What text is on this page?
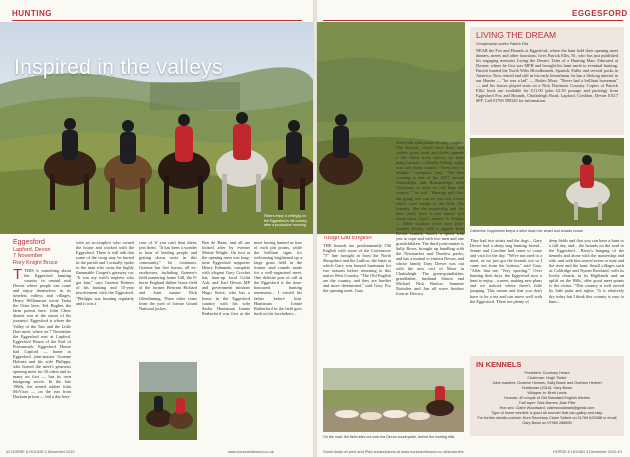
HUNTING
Inspired in the valleys
Riders enjoy a whirlyjig on the Eggesford's hill country after a productive morning
Eggesford
Lapford, Devon
7 November
Rory Knight Bruce
TTHIS is something about the Eggesford hunting country in central mid Devon where people can come and enjoy themselves in its timeless valleys and villages. Henry Williamson wrote Tarka the Otter here, Ted Hughes the farm poems here. John Chew dianist was at the outset of his journeys. Eggesford is where the Valley of the Taw and the Little Dart meet, where on 7 November the Eggesford met at Lapford. Eggesford House of the Earl of Portsmouth. Eggesford House had Lapford — home to Eggesford joint-master Graeme Holmes and his wife Philippa, who hosted the meet's generous opening meet for 30 riders and as many on foot — has its own intriguing secret. In the late 1960s, the armed robber John McVicar — on the run from Durham prison — hid a day here
with an accomplice who owned the house and worked with the Eggesford. There is still talk that some of the swag may be buried in the parish and I actually spoke to the man who owns the highly flammable Cooper's getaway car. "It was my wife's nephew who got him," says Graeme Holmes of his hunting and 15-year involvement with the Eggesford. "Philippa was hunting regularly and it was a
case of 'if you can't beat them, join them'. "It has been a wonder to hear of leading people and getting down roots in this community," he continues. Graeme has five horses, all ex-racehorses, including Graeme's field mastering home Gill, the 8-horse England thither horse field of the former Bertram Richard and Joint master Nick Glendinning. Three other come from the yard of former Grand National jockey
Ben de Haan, and all are looked after by eventer Maisie Wright. On foot at the opening meet was long-time Eggesford supporter Henry Edmunds, complete with elegant Grey Crocket hat, hunt-up local Colin Ash, and Earl Devon MP and government minister Hugo Swire, who has a home in the Eggesford country with his wife Sasha. Huntsman Jonnie Rutherford was first at the meet having hunted in four of each pin points, while the brilliant signs for welcoming brightened up a large grass field in the former stud rounds made for a well-organised meet. One definite port of call at the Eggesford is the time-honoured hunting tenements... I visited his father before him. Huntsman Jonnie Rutherford in the field goes back on his forefathers...
42 HORSE & HOUND 3 December 2010	www.horseandhound.co.uk
EGGESFORD
LIVING THE DREAM
Octogenarian author Patrick Ellis
NEAR the Fox and Hounds at Eggesford, where the hunt hold their opening meet dinners, meets and other functions, lives Patrick Ellis, 81, who has just published his engaging memoirs Living the Dream: Tales of a Hunting Man. Educated at Downe, where he first was MFH and brought his hunt uncle to eventual hunting, Patrick hunted the North Wilts Bloodhounds, Spanish, Fuller and several packs in America. Now retired and still as his early kennelman, he has a lifelong interest in our Hunter — "he was a lad" — Rodeo Moor. "Never had a brilliant horseman" — and his horses played seats on a Nick Dartmoor Country. Copies of Patrick Ellis' book are available for £11.00 (plus £2.50 postage and packing) from Eggesford Fox and Hounds, Chulmleigh Road, Lapford, Crediton, Devon EX17 6PF. Call 01769 580345 for information.
Catherine Coppleston keeps a strict down her smart and crowds crowd
Tough Old English
THE hounds are predominantly Old English with some of the Cottesmore "T" line brought in from the North Shropshire and the Ludlow, the latter at which Gary was hunted huntsman for two seasons before returning to this native West Country. "The Old English are the country, and they are hardier and more determined," said Gary. For the opening meet, Gary
from both wild ponies of lofty couples. The kennels, which have their own stables, grass yards and fields, operate a full fallen stock service for their many farmers, a Woolly Gilling rugby runs and sheep country. "Scent here is reliable," continued Gary. "The best scenting is east of the A377 around Chulmleigh and Romansleigh after Christmas, so what we call 'bogs and country'," he said. "Hunting said that, but going wet can set two ash woods which were bridge in the field. The kennels, like the mastership and the hunt itself, have a real family feel about them. Gary's partner Jo Jenkins — father Graham wrote their joint-masters Lesley, with a rapport from Devon country, there's a sprint with you to cope and with two men and one grandchildren. The third joint-master is Sally Bowe, brought up handling with the Newmarket and Thurlow packs, and has a mutual to eastern Devon, and whose family Tony Drewe was out with the new owl of Moor in Chulmleigh. The great-grandfather, grandfather, husband Simon and Michael Nick Barlow, Summer Nottolier and Jan all wave finishes from at Dewwa
They had two stoats and the dogs... Gary Drewe had a sharp stag hunting friend... Jennie and Caroline had come to come and visit for the day. "We're not used to a meet, as we just got the hounds out so I came out from the bottom," said Gary. "After that me, 'Very sporting.'" Over hunting their days, the Eggesford now a hunt to enjoy... a meet, making new plans and we noticed where there's little jumping. This means and that you don't have to be a tea and can move well with the Eggesford. There are plenty of
deep fields and that you can have a hunt or a full day, and... the hounds on the road to the Eggesford... Berry's hanging of the kennels and alone with the mastership and ride, and with him reared seven or nine and the river and the hunt. Small villages such as Coldridge and Nymet Rowland, with its lovely church, in its Highlands and an uplift on the Hills, offer good meet points to the visitor. "This country is well served by little pubs and rights. "It is relatively dry today but I think this country is easy to hunt...
On the road: the field rides out over the Devon countryside, before the hunting hills
IN KENNELS
President: Courtney Heard
Chairman: Hugh Tinder
Joint-masters: Graeme Holmes, Sally Bowe and Graham Herbert
Huntsman (2010): Gary Bown
Whipper-in: Brett Lewis
Hounds: 40 couple of Old Standard English bitches
Trail layer: Nick Barnes, Alan Pike
Hon sec: Claire Woodward; clairewoodward@gmail.com
Type of horse needed: a good all-rounder that can gallop and stay.
For further details contact: Hunt Secretary Claire Tolbert on 01769 620088 or email Gary Bown on 07960 288899
Great deals on print and iPad subscriptions at www.horseandhound.co.uk/subscribe	HORSE & HOUND 3 December 2010 43
